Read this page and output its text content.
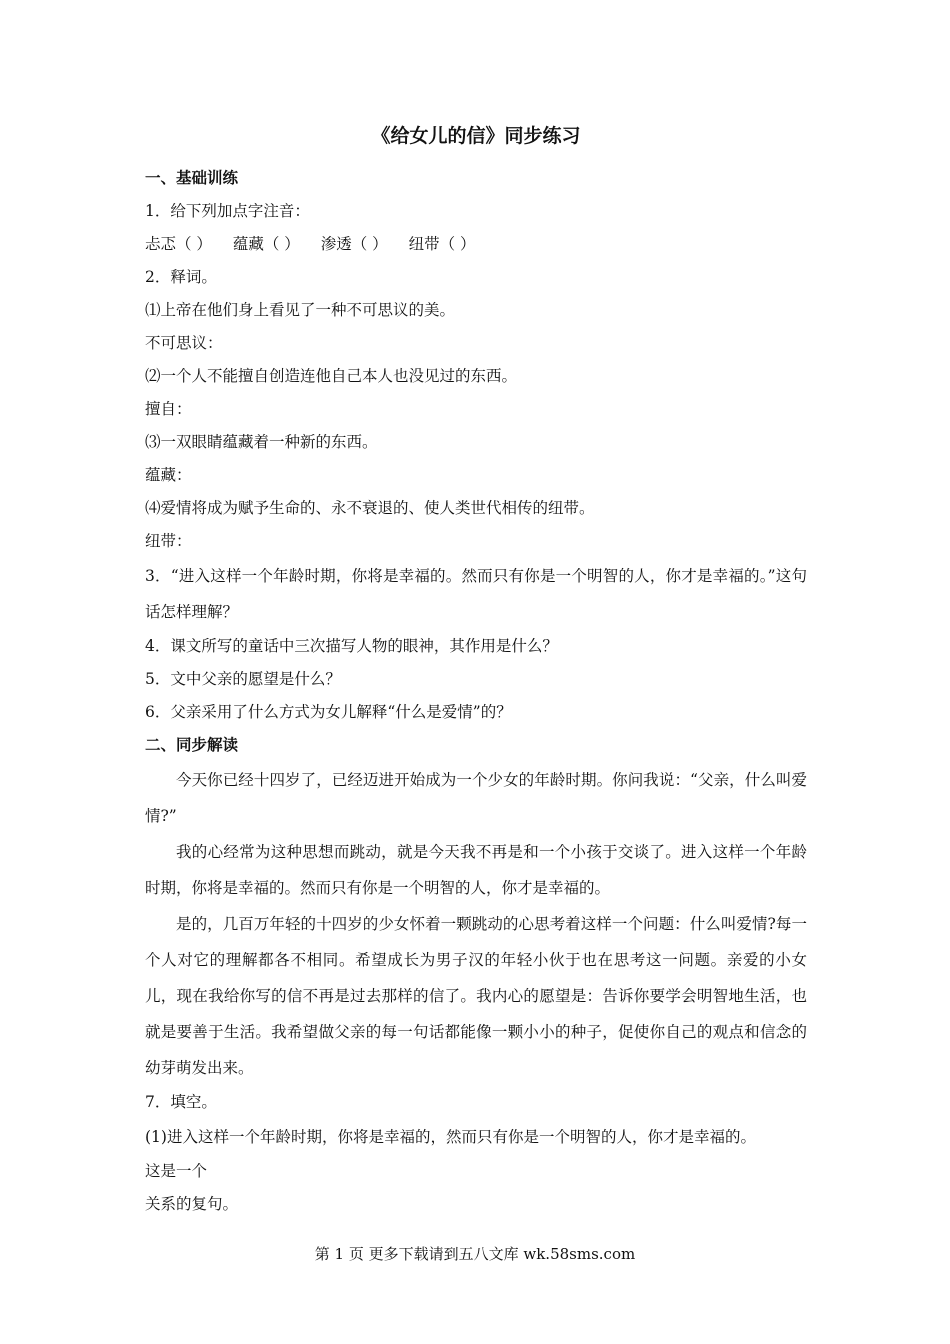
《给女儿的信》同步练习
一、基础训练
1．给下列加点字注音：
忐忑（ ） 蕴藏（ ） 渗透（ ） 纽带（ ）
2．释词。
⑴上帝在他们身上看见了一种不可思议的美。
不可思议：
⑵一个人不能擅自创造连他自己本人也没见过的东西。
擅自：
⑶一双眼睛蕴藏着一种新的东西。
蕴藏：
⑷爱情将成为赋予生命的、永不衰退的、使人类世代相传的纽带。
纽带：
3．“进入这样一个年龄时期，你将是幸福的。然而只有你是一个明智的人，你才是幸福的。”这句话怎样理解？
4．课文所写的童话中三次描写人物的眼神，其作用是什么？
5．文中父亲的愿望是什么？
6．父亲采用了什么方式为女儿解释“什么是爱情”的？
二、同步解读
今天你已经十四岁了，已经迈进开始成为一个少女的年龄时期。你问我说：“父亲，什么叫爱情?”
我的心经常为这种思想而跳动，就是今天我不再是和一个小孩于交谈了。进入这样一个年龄时期，你将是幸福的。然而只有你是一个明智的人，你才是幸福的。
是的，几百万年轻的十四岁的少女怀着一颗跳动的心思考着这样一个问题：什么叫爱情?每一个人对它的理解都各不相同。希望成长为男子汉的年轻小伙于也在思考这一问题。亲爱的小女儿，现在我给你写的信不再是过去那样的信了。我内心的愿望是：告诉你要学会明智地生活，也就是要善于生活。我希望做父亲的每一句话都能像一颗小小的种子，促使你自己的观点和信念的幼芽萌发出来。
7．填空。
(1)进入这样一个年龄时期，你将是幸福的，然而只有你是一个明智的人，你才是幸福的。
这是一个
关系的复句。
第 1 页 更多下载请到五八文库 wk.58sms.com
